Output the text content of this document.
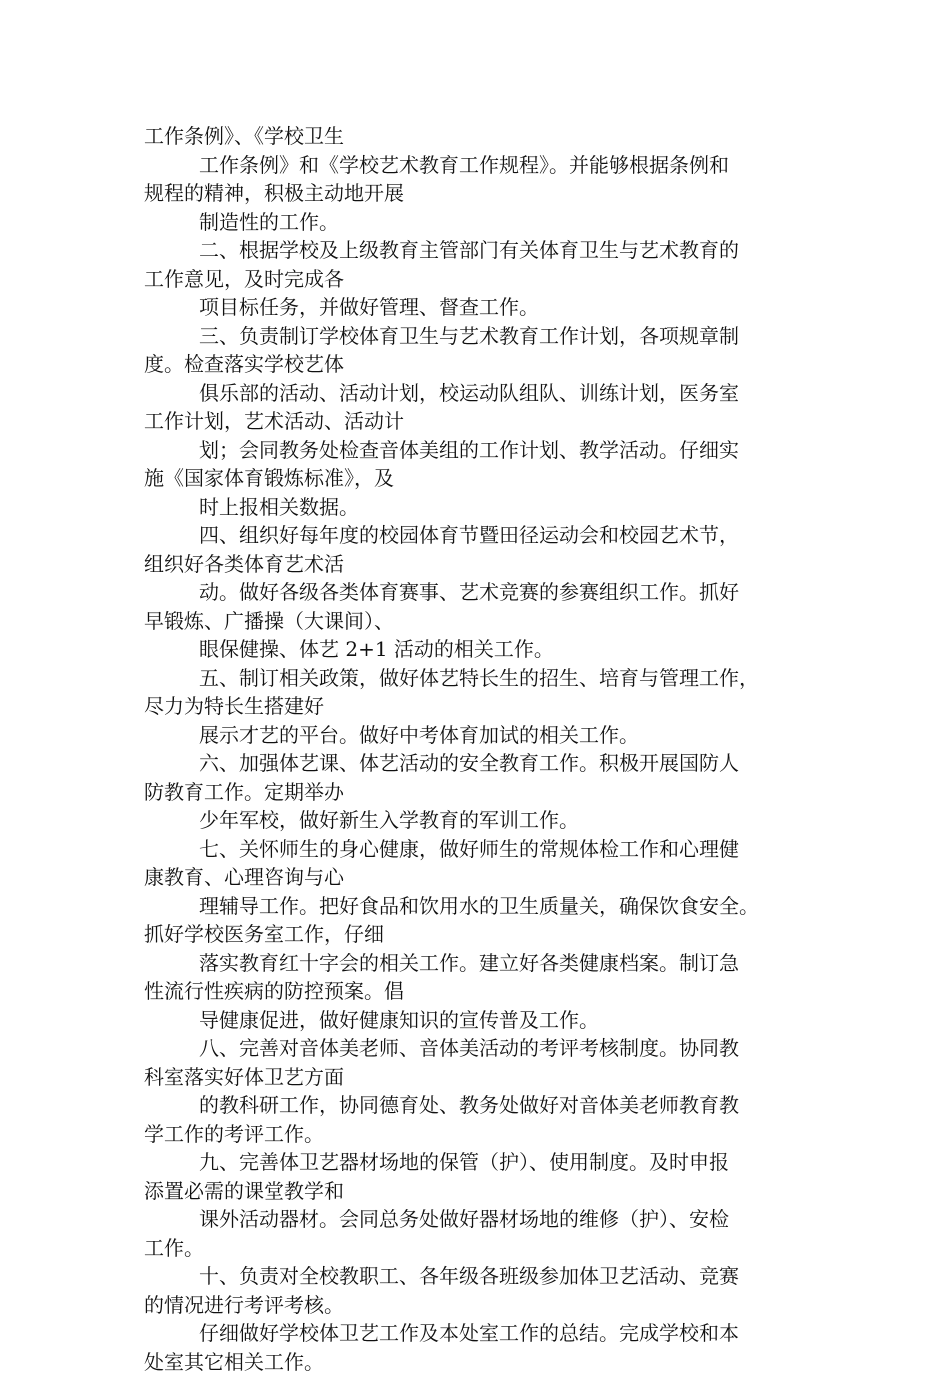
工作条例》、《学校卫生
工作条例》和《学校艺术教育工作规程》。并能够根据条例和
规程的精神，积极主动地开展
制造性的工作。
二、根据学校及上级教育主管部门有关体育卫生与艺术教育的
工作意见，及时完成各
项目标任务，并做好管理、督查工作。
三、负责制订学校体育卫生与艺术教育工作计划，各项规章制
度。检查落实学校艺体
俱乐部的活动、活动计划，校运动队组队、训练计划，医务室
工作计划，艺术活动、活动计
划；会同教务处检查音体美组的工作计划、教学活动。仔细实
施《国家体育锻炼标准》，及
时上报相关数据。
四、组织好每年度的校园体育节暨田径运动会和校园艺术节，
组织好各类体育艺术活
动。做好各级各类体育赛事、艺术竞赛的参赛组织工作。抓好
早锻炼、广播操（大课间）、
眼保健操、体艺 2+1 活动的相关工作。
五、制订相关政策，做好体艺特长生的招生、培育与管理工作，
尽力为特长生搭建好
展示才艺的平台。做好中考体育加试的相关工作。
六、加强体艺课、体艺活动的安全教育工作。积极开展国防人
防教育工作。定期举办
少年军校，做好新生入学教育的军训工作。
七、关怀师生的身心健康，做好师生的常规体检工作和心理健
康教育、心理咨询与心
理辅导工作。把好食品和饮用水的卫生质量关，确保饮食安全。
抓好学校医务室工作，仔细
落实教育红十字会的相关工作。建立好各类健康档案。制订急
性流行性疾病的防控预案。倡
导健康促进，做好健康知识的宣传普及工作。
八、完善对音体美老师、音体美活动的考评考核制度。协同教
科室落实好体卫艺方面
的教科研工作，协同德育处、教务处做好对音体美老师教育教
学工作的考评工作。
九、完善体卫艺器材场地的保管（护）、使用制度。及时申报
添置必需的课堂教学和
课外活动器材。会同总务处做好器材场地的维修（护）、安检
工作。
十、负责对全校教职工、各年级各班级参加体卫艺活动、竞赛
的情况进行考评考核。
仔细做好学校体卫艺工作及本处室工作的总结。完成学校和本
处室其它相关工作。
